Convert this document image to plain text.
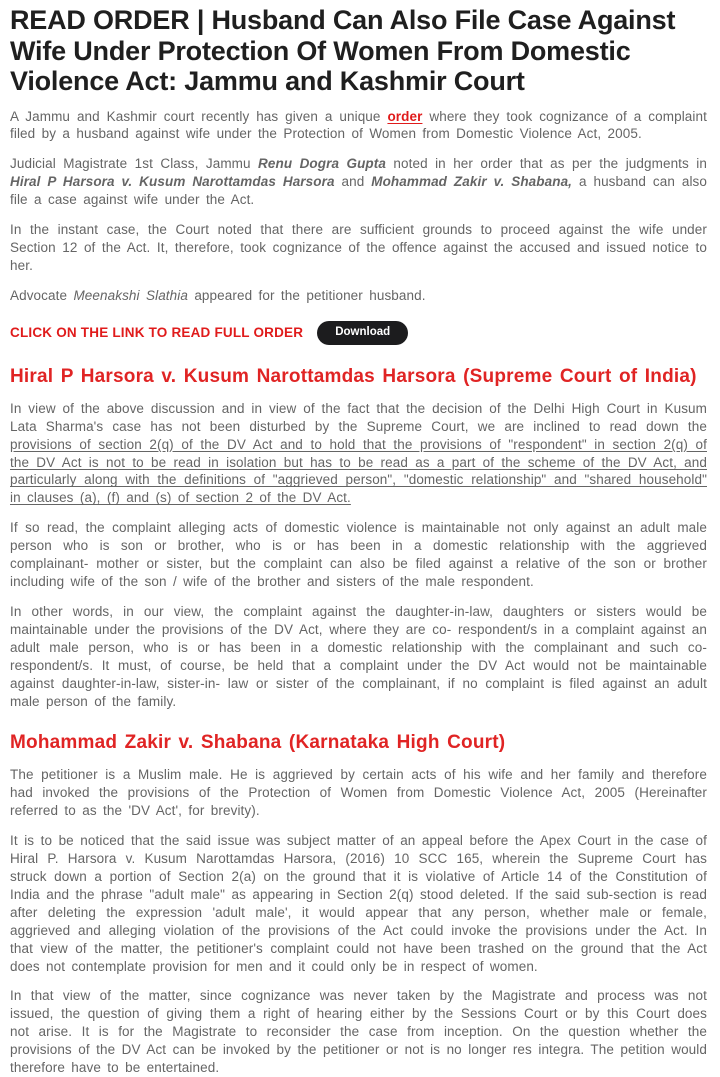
READ ORDER | Husband Can Also File Case Against Wife Under Protection Of Women From Domestic Violence Act: Jammu and Kashmir Court

A Jammu and Kashmir court recently has given a unique order where they took cognizance of a complaint filed by a husband against wife under the Protection of Women from Domestic Violence Act, 2005.

Judicial Magistrate 1st Class, Jammu Renu Dogra Gupta noted in her order that as per the judgments in Hiral P Harsora v. Kusum Narottamdas Harsora and Mohammad Zakir v. Shabana, a husband can also file a case against wife under the Act.

In the instant case, the Court noted that there are sufficient grounds to proceed against the wife under Section 12 of the Act. It, therefore, took cognizance of the offence against the accused and issued notice to her.

Advocate Meenakshi Slathia appeared for the petitioner husband.

CLICK ON THE LINK TO READ FULL ORDER	Download
Hiral P Harsora v. Kusum Narottamdas Harsora (Supreme Court of India)

In view of the above discussion and in view of the fact that the decision of the Delhi High Court in Kusum Lata Sharma's case has not been disturbed by the Supreme Court, we are inclined to read down the provisions of section 2(q) of the DV Act and to hold that the provisions of "respondent" in section 2(q) of the DV Act is not to be read in isolation but has to be read as a part of the scheme of the DV Act, and particularly along with the definitions of "aggrieved person", "domestic relationship" and "shared household" in clauses (a), (f) and (s) of section 2 of the DV Act.

If so read, the complaint alleging acts of domestic violence is maintainable not only against an adult male person who is son or brother, who is or has been in a domestic relationship with the aggrieved complainant- mother or sister, but the complaint can also be filed against a relative of the son or brother including wife of the son / wife of the brother and sisters of the male respondent.

In other words, in our view, the complaint against the daughter-in-law, daughters or sisters would be maintainable under the provisions of the DV Act, where they are co- respondent/s in a complaint against an adult male person, who is or has been in a domestic relationship with the complainant and such co-respondent/s. It must, of course, be held that a complaint under the DV Act would not be maintainable against daughter-in-law, sister-in- law or sister of the complainant, if no complaint is filed against an adult male person of the family.

Mohammad Zakir v. Shabana (Karnataka High Court)

The petitioner is a Muslim male. He is aggrieved by certain acts of his wife and her family and therefore had invoked the provisions of the Protection of Women from Domestic Violence Act, 2005 (Hereinafter referred to as the 'DV Act', for brevity).

It is to be noticed that the said issue was subject matter of an appeal before the Apex Court in the case of Hiral P. Harsora v. Kusum Narottamdas Harsora, (2016) 10 SCC 165, wherein the Supreme Court has struck down a portion of Section 2(a) on the ground that it is violative of Article 14 of the Constitution of India and the phrase "adult male" as appearing in Section 2(q) stood deleted. If the said sub-section is read after deleting the expression 'adult male', it would appear that any person, whether male or female, aggrieved and alleging violation of the provisions of the Act could invoke the provisions under the Act. In that view of the matter, the petitioner's complaint could not have been trashed on the ground that the Act does not contemplate provision for men and it could only be in respect of women.

In that view of the matter, since cognizance was never taken by the Magistrate and process was not issued, the question of giving them a right of hearing either by the Sessions Court or by this Court does not arise. It is for the Magistrate to reconsider the case from inception. On the question whether the provisions of the DV Act can be invoked by the petitioner or not is no longer res integra. The petition would therefore have to be entertained.
